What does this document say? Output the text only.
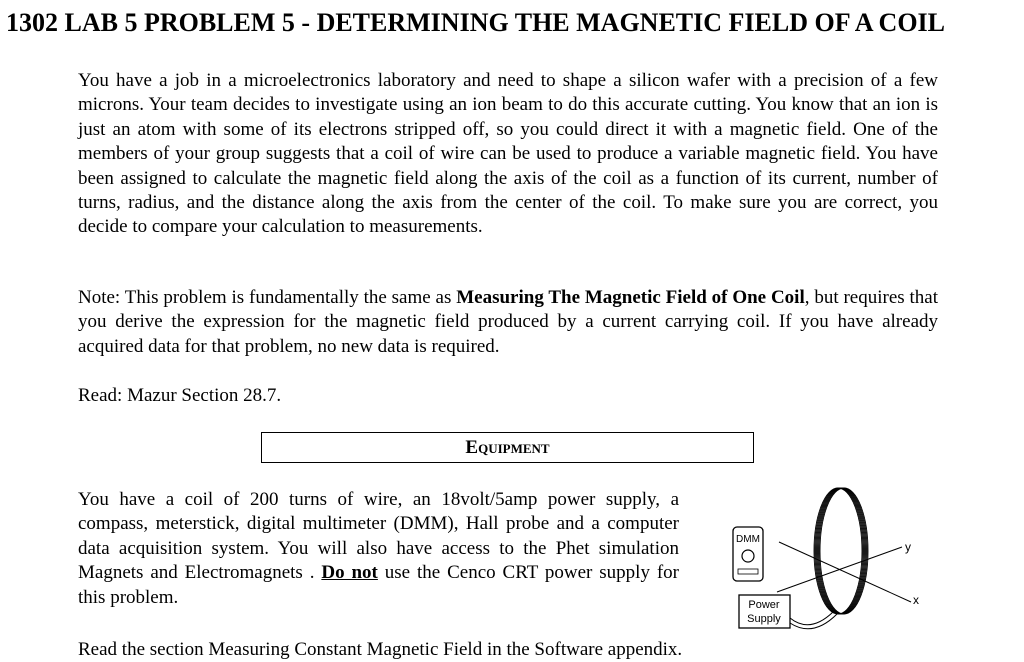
1302 LAB 5 PROBLEM 5 - DETERMINING THE MAGNETIC FIELD OF A COIL

You have a job in a microelectronics laboratory and need to shape a silicon wafer with a precision of a few microns. Your team decides to investigate using an ion beam to do this accurate cutting. You know that an ion is just an atom with some of its electrons stripped off, so you could direct it with a magnetic field. One of the members of your group suggests that a coil of wire can be used to produce a variable magnetic field. You have been assigned to calculate the magnetic field along the axis of the coil as a function of its current, number of turns, radius, and the distance along the axis from the center of the coil. To make sure you are correct, you decide to compare your calculation to measurements.

Note: This problem is fundamentally the same as Measuring The Magnetic Field of One Coil, but requires that you derive the expression for the magnetic field produced by a current carrying coil. If you have already acquired data for that problem, no new data is required.

Read: Mazur Section 28.7.

Equipment

You have a coil of 200 turns of wire, an 18volt/5amp power supply, a compass, meterstick, digital multimeter (DMM), Hall probe and a computer data acquisition system. You will also have access to the Phet simulation Magnets and Electromagnets . Do not use the Cenco CRT power supply for this problem.

DMM
y
x
Power
Supply

Read the section Measuring Constant Magnetic Field in the Software appendix.
